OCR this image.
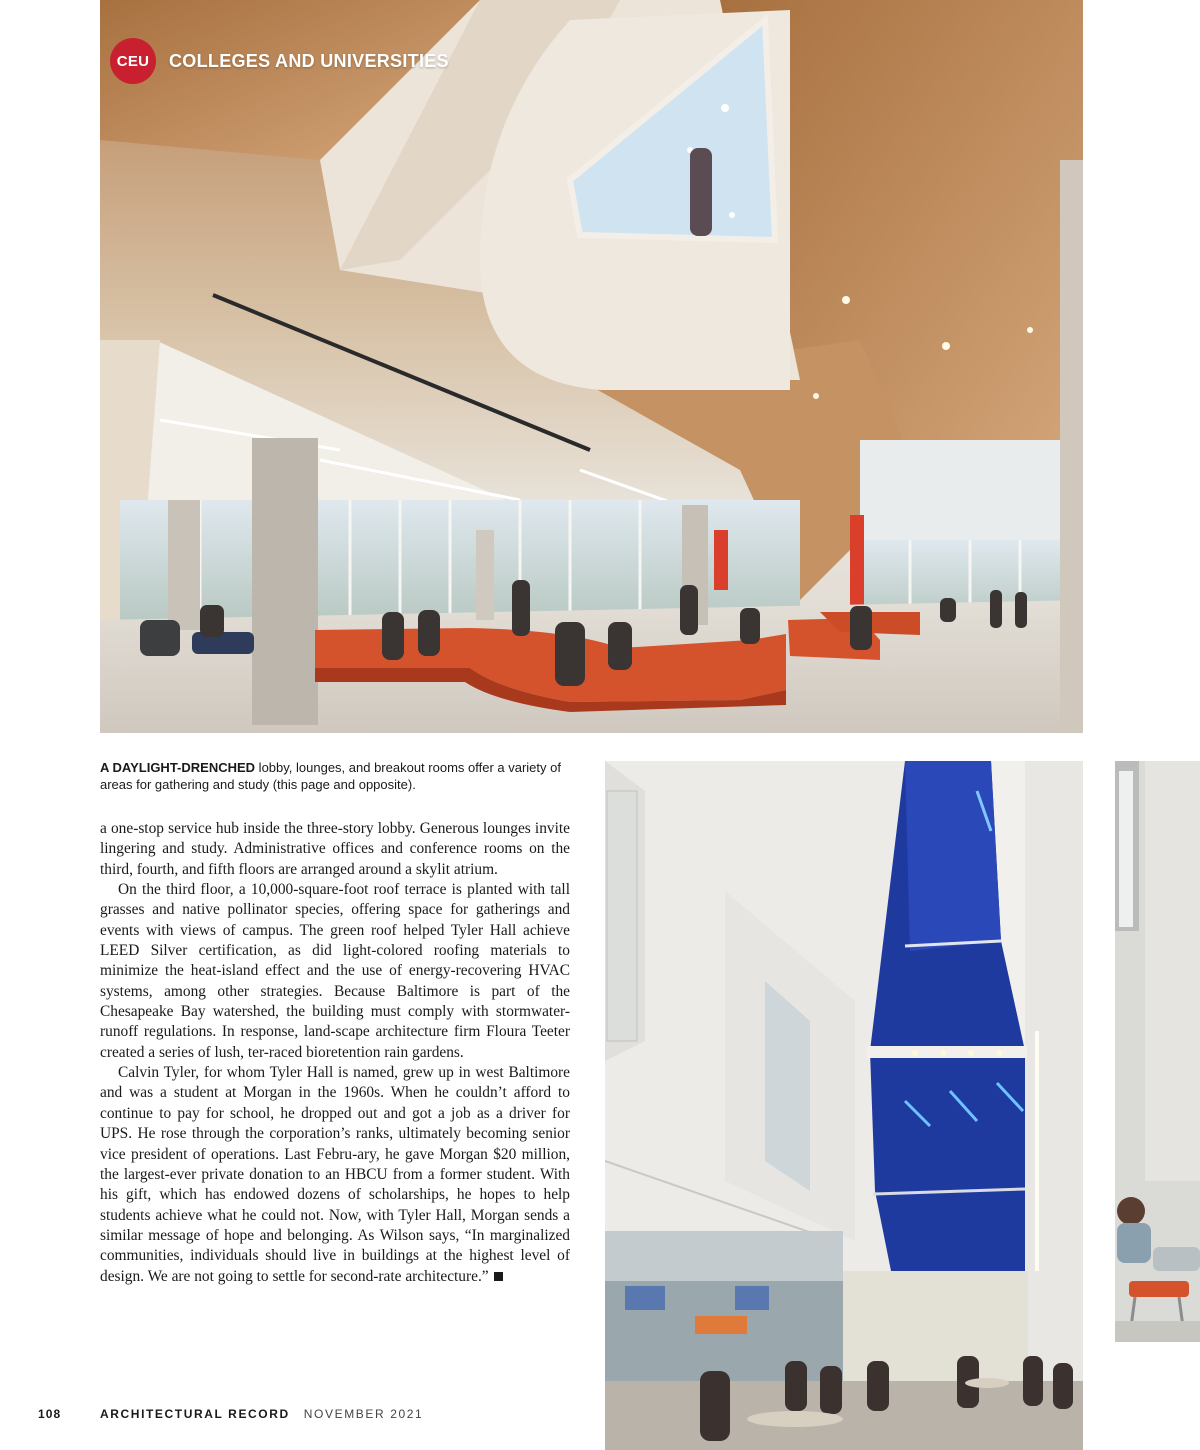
CEU	COLLEGES AND UNIVERSITIES
A DAYLIGHT-DRENCHED lobby, lounges, and breakout rooms offer a variety of areas for gathering and study (this page and opposite).

a one-stop service hub inside the three-story lobby. Generous lounges invite lingering and study. Administrative offices and conference rooms on the third, fourth, and fifth floors are arranged around a skylit atrium.

On the third floor, a 10,000-square-foot roof terrace is planted with tall grasses and native pollinator species, offering space for gatherings and events with views of campus. The green roof helped Tyler Hall achieve LEED Silver certification, as did light-colored roofing materials to minimize the heat-island effect and the use of energy-recovering HVAC systems, among other strategies. Because Baltimore is part of the Chesapeake Bay watershed, the building must comply with stormwater-runoff regulations. In response, land-scape architecture firm Floura Teeter created a series of lush, ter-raced bioretention rain gardens.

Calvin Tyler, for whom Tyler Hall is named, grew up in west Baltimore and was a student at Morgan in the 1960s. When he couldn’t afford to continue to pay for school, he dropped out and got a job as a driver for UPS. He rose through the corporation’s ranks, ultimately becoming senior vice president of operations. Last Febru-ary, he gave Morgan $20 million, the largest-ever private donation to an HBCU from a former student. With his gift, which has endowed dozens of scholarships, he hopes to help students achieve what he could not. Now, with Tyler Hall, Morgan sends a similar message of hope and belonging. As Wilson says, “In marginalized communities, individuals should live in buildings at the highest level of design. We are not going to settle for second-rate architecture.”

108	ARCHITECTURAL RECORD NOVEMBER 2021
